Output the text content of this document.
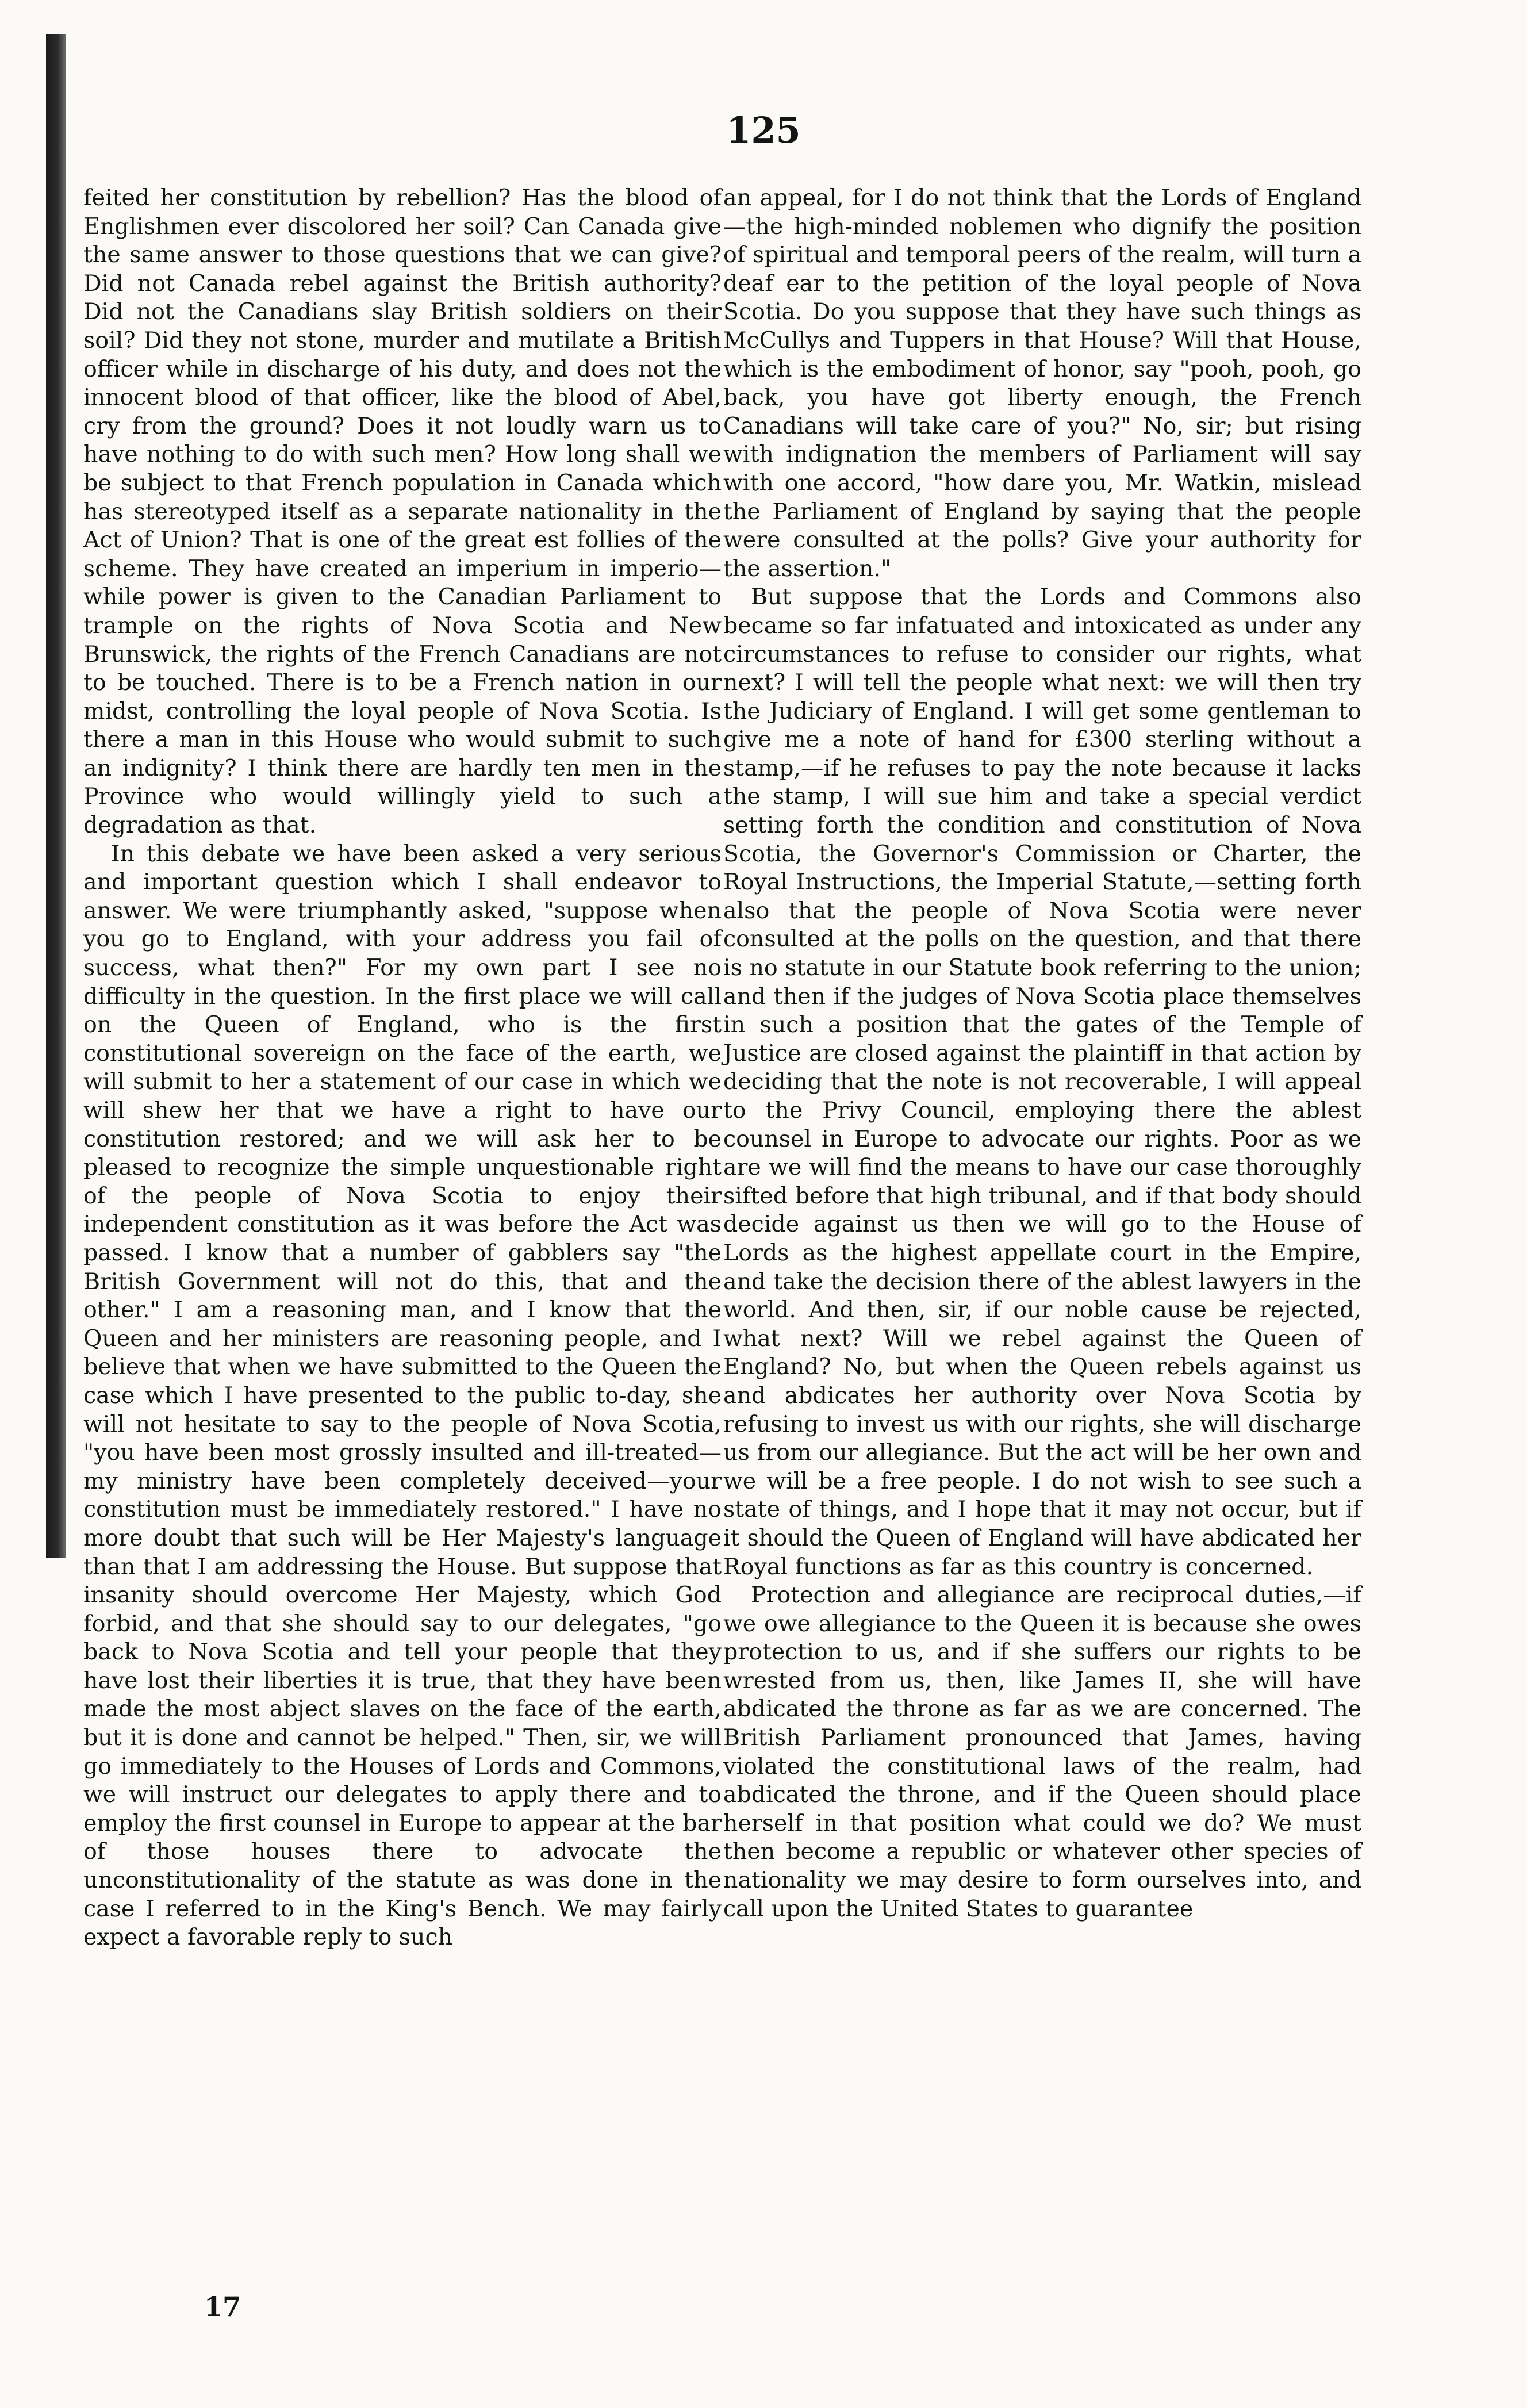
125

feited her constitution by rebellion? Has the blood of Englishmen ever discolored her soil? Can Canada give the same answer to those questions that we can give? Did not Canada rebel against the British authority? Did not the Canadians slay British soldiers on their soil? Did they not stone, murder and mutilate a British officer while in discharge of his duty, and does not the innocent blood of that officer, like the blood of Abel, cry from the ground? Does it not loudly warn us to have nothing to do with such men? How long shall we be subject to that French population in Canada which has stereotyped itself as a separate nationality in the Act of Union? That is one of the great est follies of the scheme. They have created an imperium in imperio—while power is given to the Canadian Parliament to trample on the rights of Nova Scotia and New Brunswick, the rights of the French Canadians are not to be touched. There is to be a French nation in our midst, controlling the loyal people of Nova Scotia. Is there a man in this House who would submit to such an indignity? I think there are hardly ten men in the Province who would willingly yield to such a degradation as that.

In this debate we have been asked a very serious and important question which I shall endeavor to answer. We were triumphantly asked, "suppose when you go to England, with your address you fail of success, what then?" For my own part I see no difficulty in the question. In the first place we will call on the Queen of England, who is the first constitutional sovereign on the face of the earth, we will submit to her a statement of our case in which we will shew her that we have a right to have our constitution restored; and we will ask her to be pleased to recognize the simple unquestionable right of the people of Nova Scotia to enjoy their independent constitution as it was before the Act was passed. I know that a number of gabblers say "the British Government will not do this, that and the other." I am a reasoning man, and I know that the Queen and her ministers are reasoning people, and I believe that when we have submitted to the Queen the case which I have presented to the public to-day, she will not hesitate to say to the people of Nova Scotia, "you have been most grossly insulted and ill-treated—my ministry have been completely deceived—your constitution must be immediately restored." I have no more doubt that such will be Her Majesty's language than that I am addressing the House. But suppose that insanity should overcome Her Majesty, which God forbid, and that she should say to our delegates, "go back to Nova Scotia and tell your people that they have lost their liberties it is true, that they have been made the most abject slaves on the face of the earth, but it is done and cannot be helped." Then, sir, we will go immediately to the Houses of Lords and Commons, we will instruct our delegates to apply there and to employ the first counsel in Europe to appear at the bar of those houses there to advocate the unconstitutionality of the statute as was done in the case I referred to in the King's Bench. We may fairly expect a favorable reply to such

an appeal, for I do not think that the Lords of England—the high-minded noblemen who dignify the position of spiritual and temporal peers of the realm, will turn a deaf ear to the petition of the loyal people of Nova Scotia. Do you suppose that they have such things as McCullys and Tuppers in that House? Will that House, which is the embodiment of honor, say "pooh, pooh, go back, you have got liberty enough, the French Canadians will take care of you?" No, sir; but rising with indignation the members of Parliament will say with one accord, "how dare you, Mr. Watkin, mislead the Parliament of England by saying that the people were consulted at the polls? Give your authority for the assertion."

But suppose that the Lords and Commons also became so far infatuated and intoxicated as under any circumstances to refuse to consider our rights, what next? I will tell the people what next: we will then try the Judiciary of England. I will get some gentleman to give me a note of hand for £300 sterling without a stamp,—if he refuses to pay the note because it lacks the stamp, I will sue him and take a special verdict setting forth the condition and constitution of Nova Scotia, the Governor's Commission or Charter, the Royal Instructions, the Imperial Statute,—setting forth also that the people of Nova Scotia were never consulted at the polls on the question, and that there is no statute in our Statute book referring to the union; and then if the judges of Nova Scotia place themselves in such a position that the gates of the Temple of Justice are closed against the plaintiff in that action by deciding that the note is not recoverable, I will appeal to the Privy Council, employing there the ablest counsel in Europe to advocate our rights. Poor as we are we will find the means to have our case thoroughly sifted before that high tribunal, and if that body should decide against us then we will go to the House of Lords as the highest appellate court in the Empire, and take the decision there of the ablest lawyers in the world. And then, sir, if our noble cause be rejected, what next? Will we rebel against the Queen of England? No, but when the Queen rebels against us and abdicates her authority over Nova Scotia by refusing to invest us with our rights, she will discharge us from our allegiance. But the act will be her own and we will be a free people. I do not wish to see such a state of things, and I hope that it may not occur, but if it should the Queen of England will have abdicated her Royal functions as far as this country is concerned.

Protection and allegiance are reciprocal duties,—if we owe allegiance to the Queen it is because she owes protection to us, and if she suffers our rights to be wrested from us, then, like James II, she will have abdicated the throne as far as we are concerned. The British Parliament pronounced that James, having violated the constitutional laws of the realm, had abdicated the throne, and if the Queen should place herself in that position what could we do? We must then become a republic or whatever other species of nationality we may desire to form ourselves into, and call upon the United States to guarantee

17
